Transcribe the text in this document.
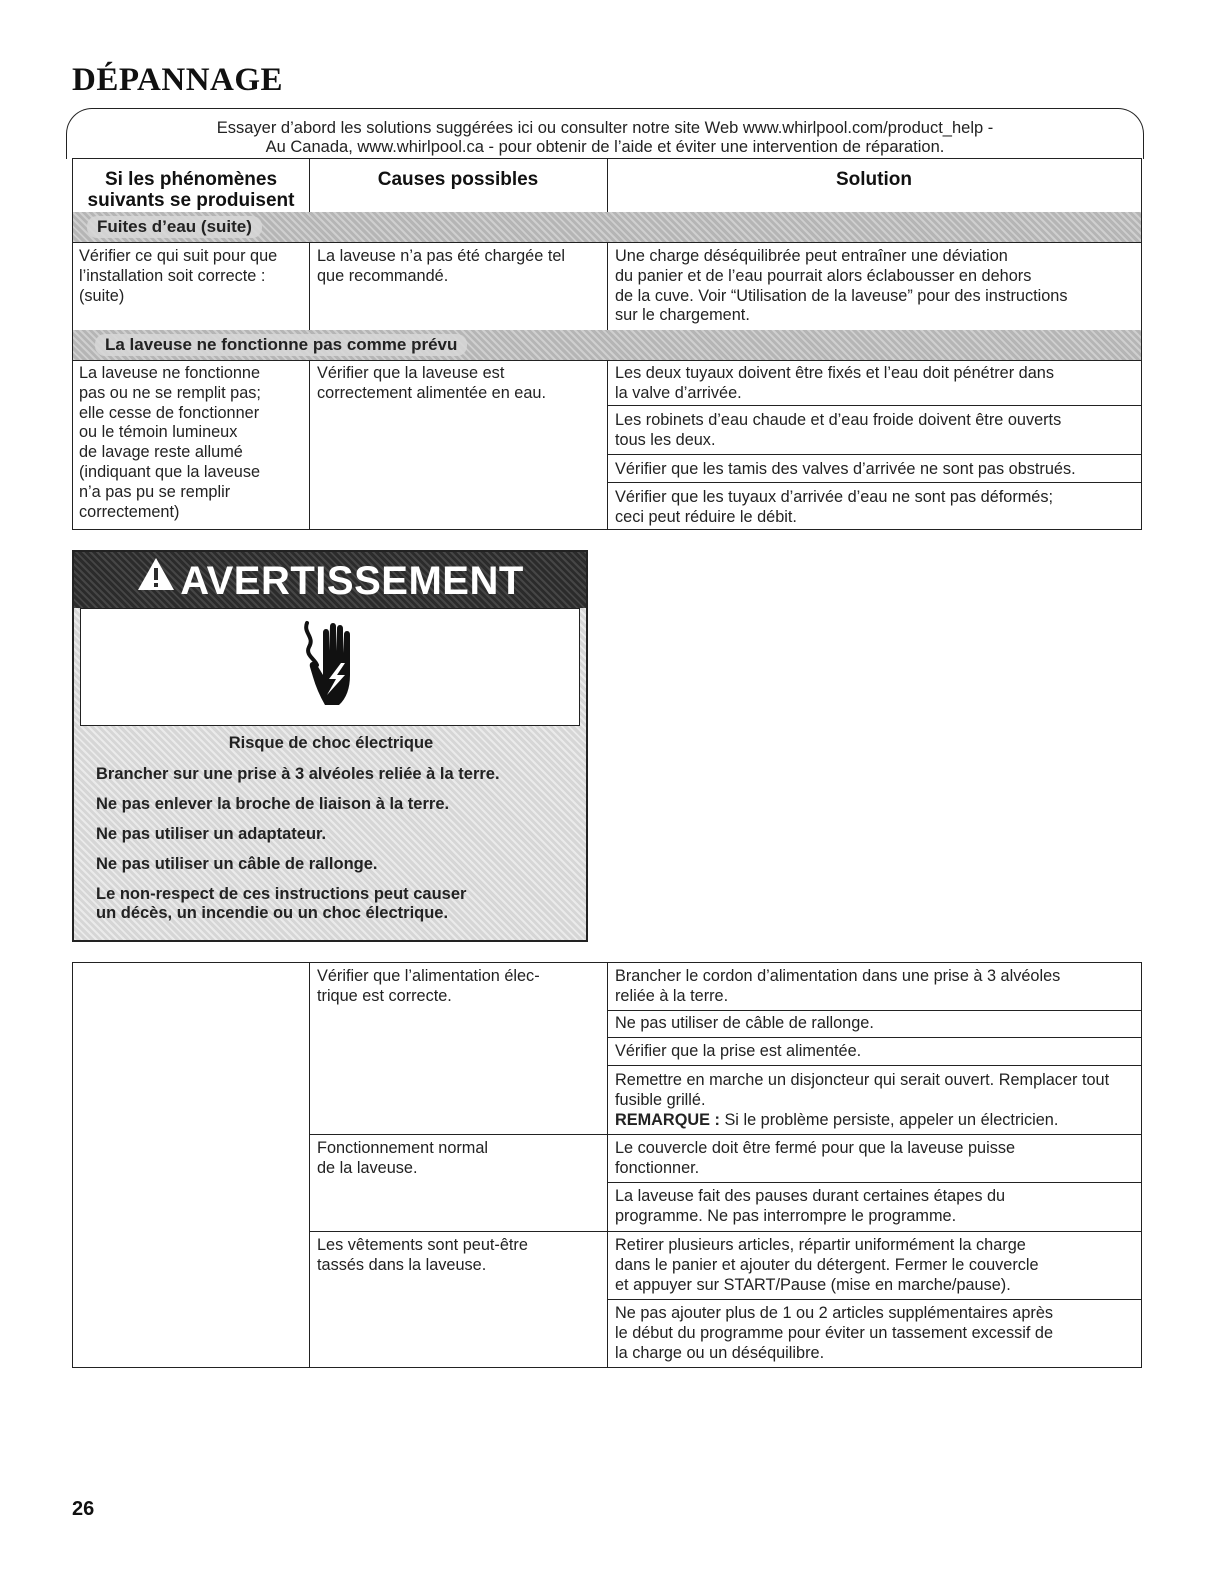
DÉPANNAGE
Essayer d’abord les solutions suggérées ici ou consulter notre site Web www.whirlpool.com/product_help -
Au Canada, www.whirlpool.ca - pour obtenir de l’aide et éviter une intervention de réparation.
Si les phénomènes
suivants se produisent
Causes possibles	Solution
Fuites d’eau (suite)
Vérifier ce qui suit pour que
l’installation soit correcte :
(suite)
La laveuse n’a pas été chargée tel
que recommandé.
Une charge déséquilibrée peut entraîner une déviation
du panier et de l’eau pourrait alors éclabousser en dehors
de la cuve. Voir “Utilisation de la laveuse” pour des instructions
sur le chargement.
La laveuse ne fonctionne pas comme prévu
La laveuse ne fonctionne
pas ou ne se remplit pas;
elle cesse de fonctionner
ou le témoin lumineux
de lavage reste allumé
(indiquant que la laveuse
n’a pas pu se remplir
correctement)
Vérifier que la laveuse est
correctement alimentée en eau.
Les deux tuyaux doivent être fixés et l’eau doit pénétrer dans
la valve d’arrivée.
Les robinets d’eau chaude et d’eau froide doivent être ouverts
tous les deux.
Vérifier que les tamis des valves d’arrivée ne sont pas obstrués.
Vérifier que les tuyaux d’arrivée d’eau ne sont pas déformés;
ceci peut réduire le débit.
AVERTISSEMENT
Risque de choc électrique
Brancher sur une prise à 3 alvéoles reliée à la terre.
Ne pas enlever la broche de liaison à la terre.
Ne pas utiliser un adaptateur.
Ne pas utiliser un câble de rallonge.
Le non-respect de ces instructions peut causer
un décès, un incendie ou un choc électrique.
Vérifier que l’alimentation élec-
trique est correcte.
Brancher le cordon d’alimentation dans une prise à 3 alvéoles
reliée à la terre.
Ne pas utiliser de câble de rallonge.
Vérifier que la prise est alimentée.
Remettre en marche un disjoncteur qui serait ouvert. Remplacer tout
fusible grillé.
REMARQUE : Si le problème persiste, appeler un électricien.
Fonctionnement normal
de la laveuse.
Le couvercle doit être fermé pour que la laveuse puisse
fonctionner.
La laveuse fait des pauses durant certaines étapes du
programme. Ne pas interrompre le programme.
Les vêtements sont peut-être
tassés dans la laveuse.
Retirer plusieurs articles, répartir uniformément la charge
dans le panier et ajouter du détergent. Fermer le couvercle
et appuyer sur START/Pause (mise en marche/pause).
Ne pas ajouter plus de 1 ou 2 articles supplémentaires après
le début du programme pour éviter un tassement excessif de
la charge ou un déséquilibre.
26
